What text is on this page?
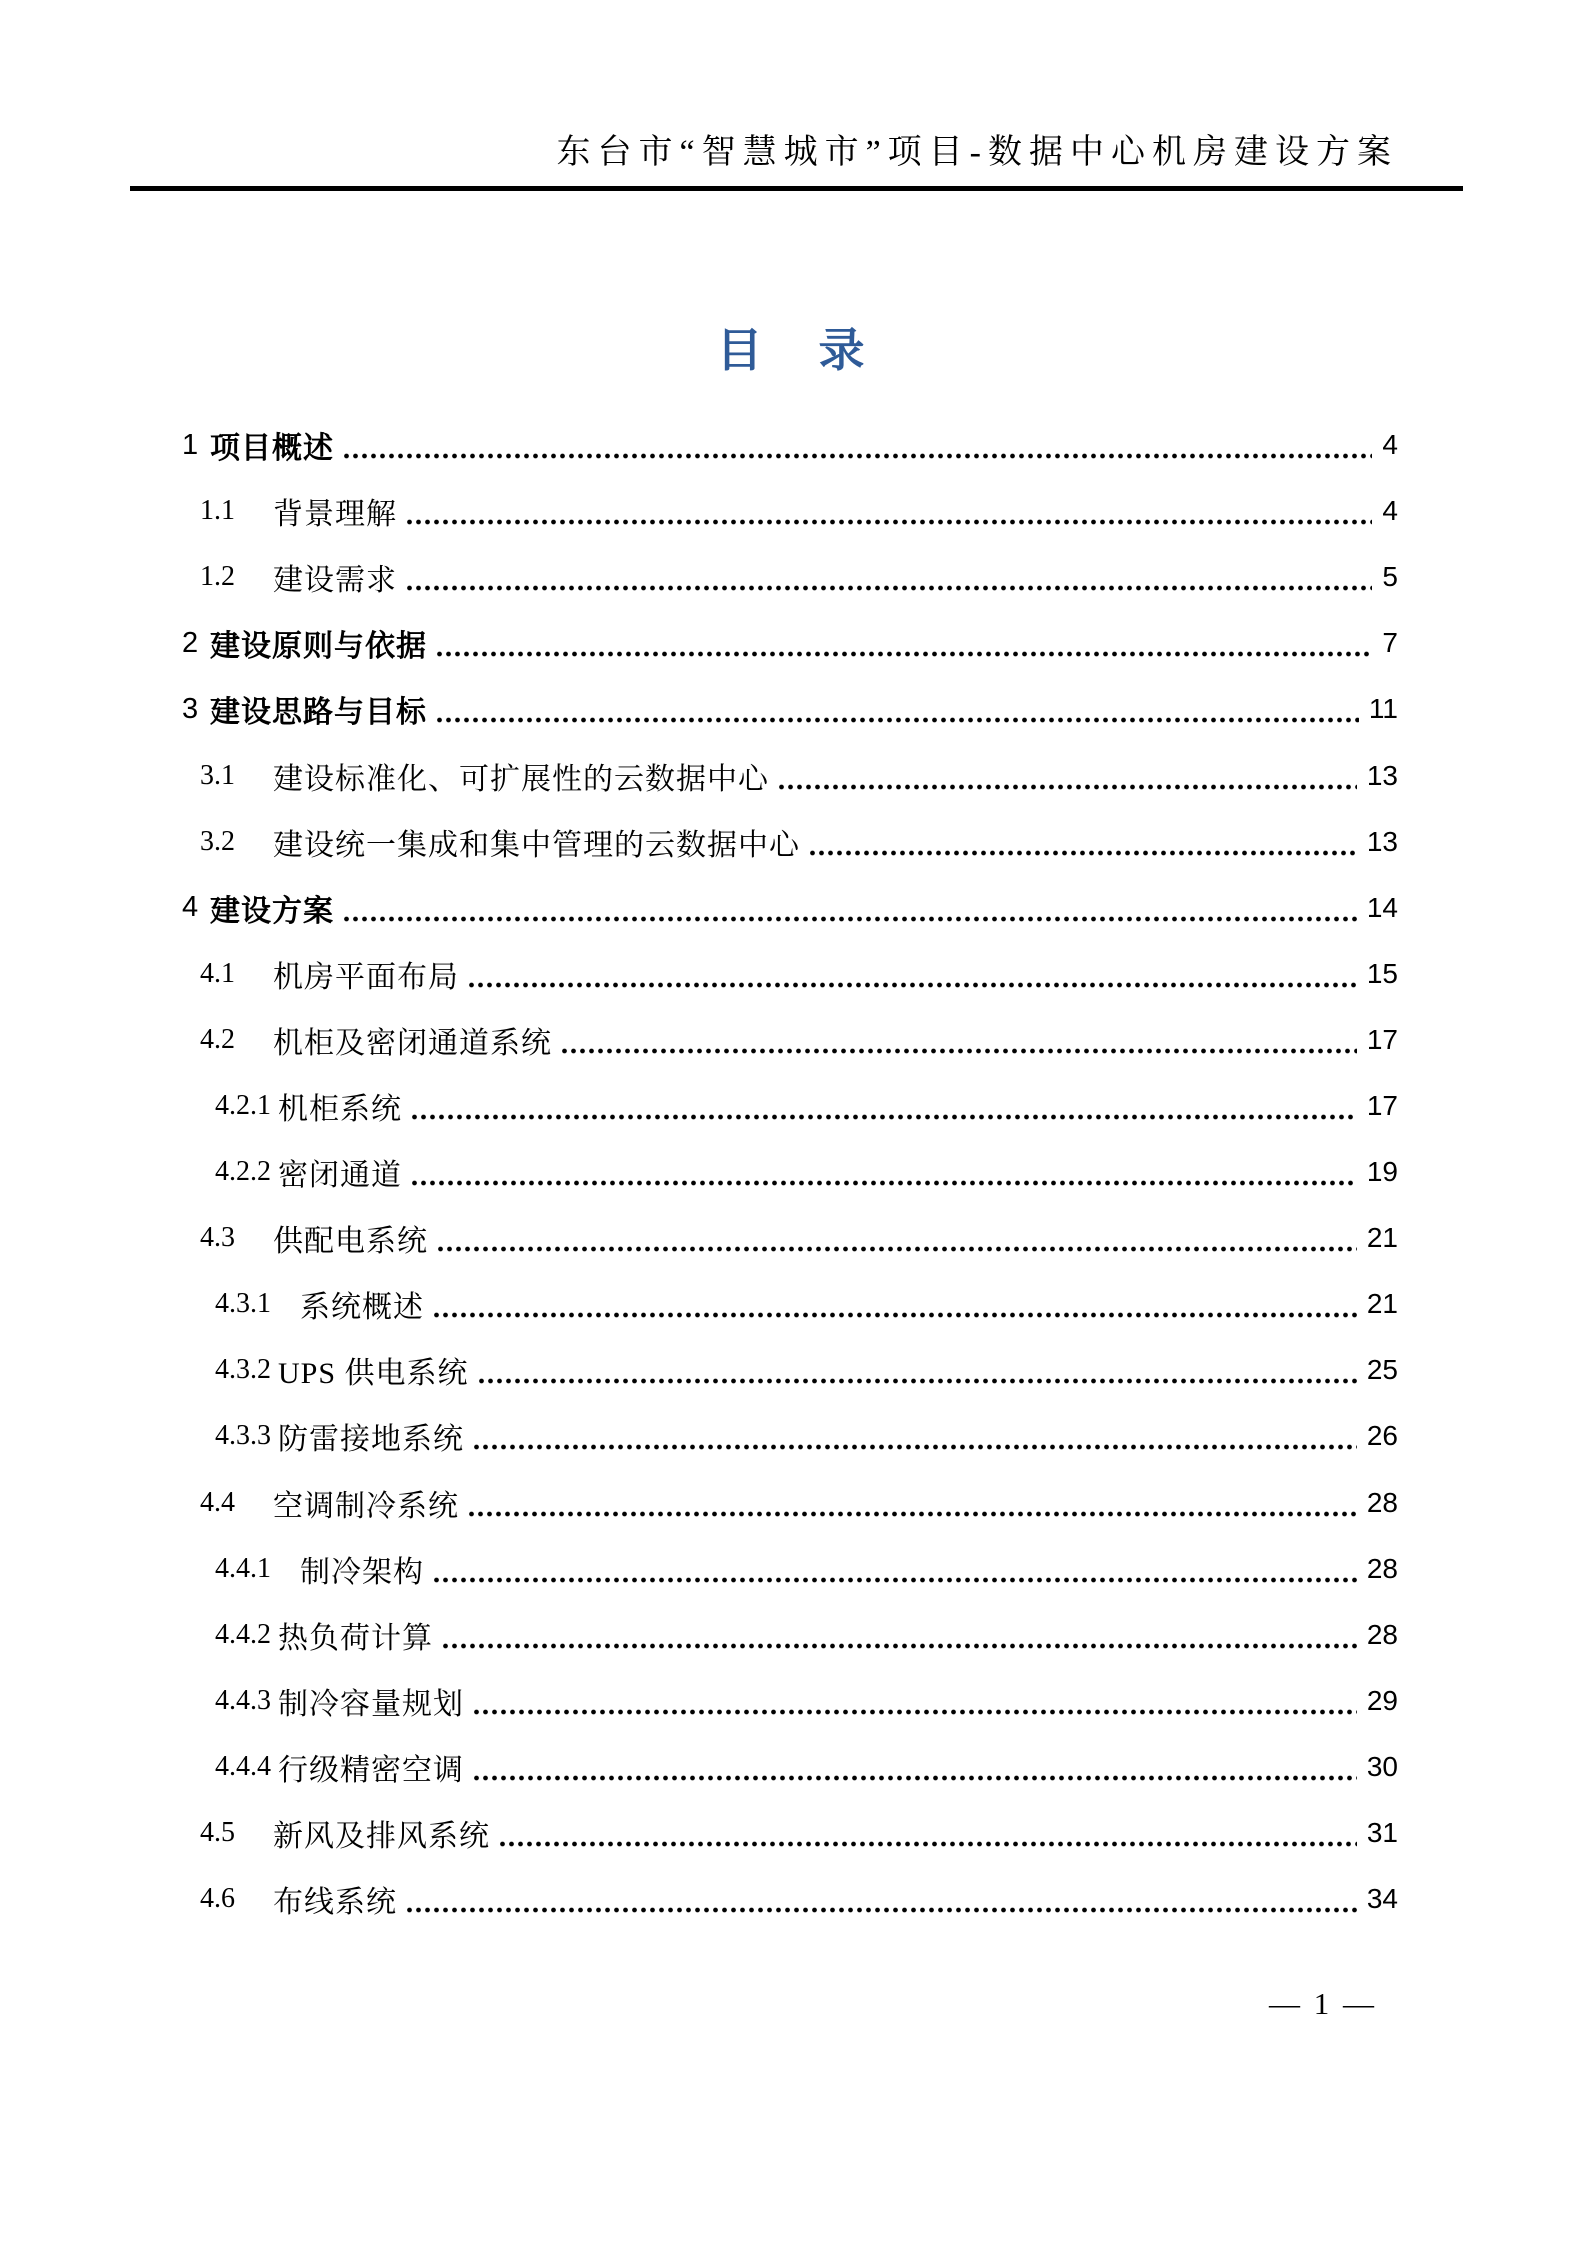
东台市“智慧城市”项目-数据中心机房建设方案
目　录
1 项目概述	4
1.1	背景理解	4
1.2	建设需求	5
2 建设原则与依据	7
3 建设思路与目标	11
3.1	建设标准化、可扩展性的云数据中心	13
3.2	建设统一集成和集中管理的云数据中心	13
4 建设方案	14
4.1	机房平面布局	15
4.2	机柜及密闭通道系统	17
4.2.1 机柜系统	17
4.2.2 密闭通道	19
4.3	供配电系统	21
4.3.1 系统概述	21
4.3.2 UPS 供电系统	25
4.3.3 防雷接地系统	26
4.4	空调制冷系统	28
4.4.1 制冷架构	28
4.4.2 热负荷计算	28
4.4.3 制冷容量规划	29
4.4.4 行级精密空调	30
4.5	新风及排风系统	31
4.6	布线系统	34
— 1 —
